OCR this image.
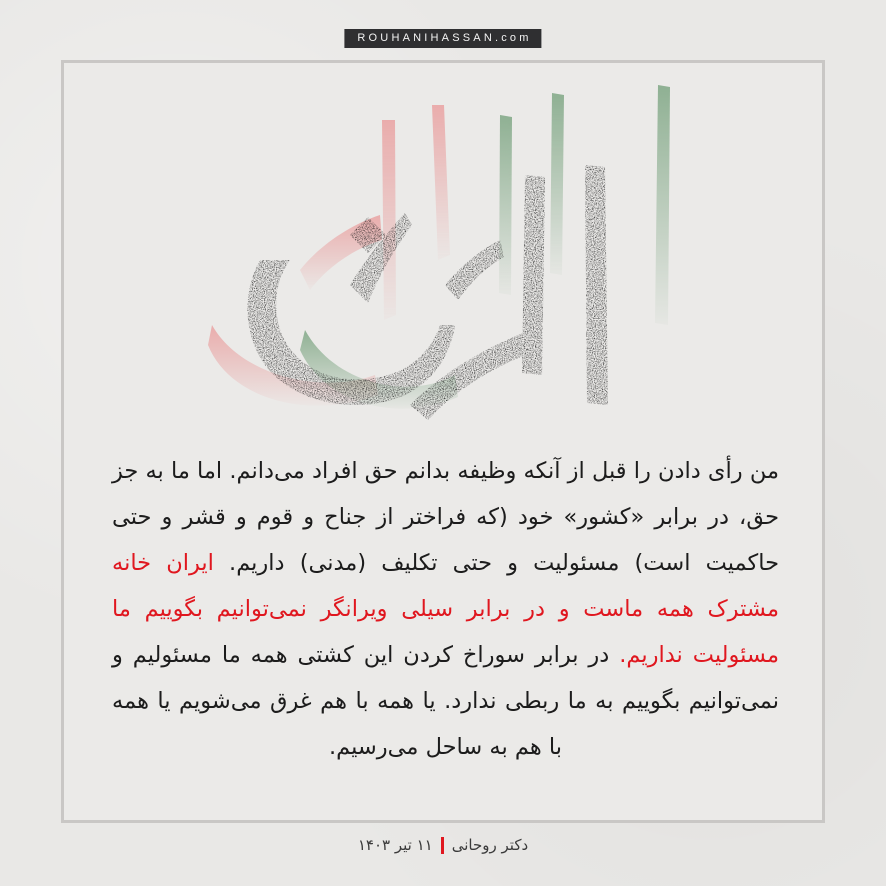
ROUHANIHASSAN.com

من رأی دادن را قبل از آنکه وظیفه بدانم حق افراد می‌دانم. اما ما به جز حق، در برابر «کشور» خود (که فراختر از جناح و قوم و قشر و حتی حاکمیت است) مسئولیت و حتی تکلیف (مدنی) داریم. ایران خانه مشترک همه ماست و در برابر سیلی ویرانگر نمی‌توانیم بگوییم ما مسئولیت نداریم. در برابر سوراخ کردن این کشتی همه ما مسئولیم و نمی‌توانیم بگوییم به ما ربطی ندارد. یا همه با هم غرق می‌شویم یا همه با هم به ساحل می‌رسیم.

دکتر روحانی۱۱ تیر ۱۴۰۳
